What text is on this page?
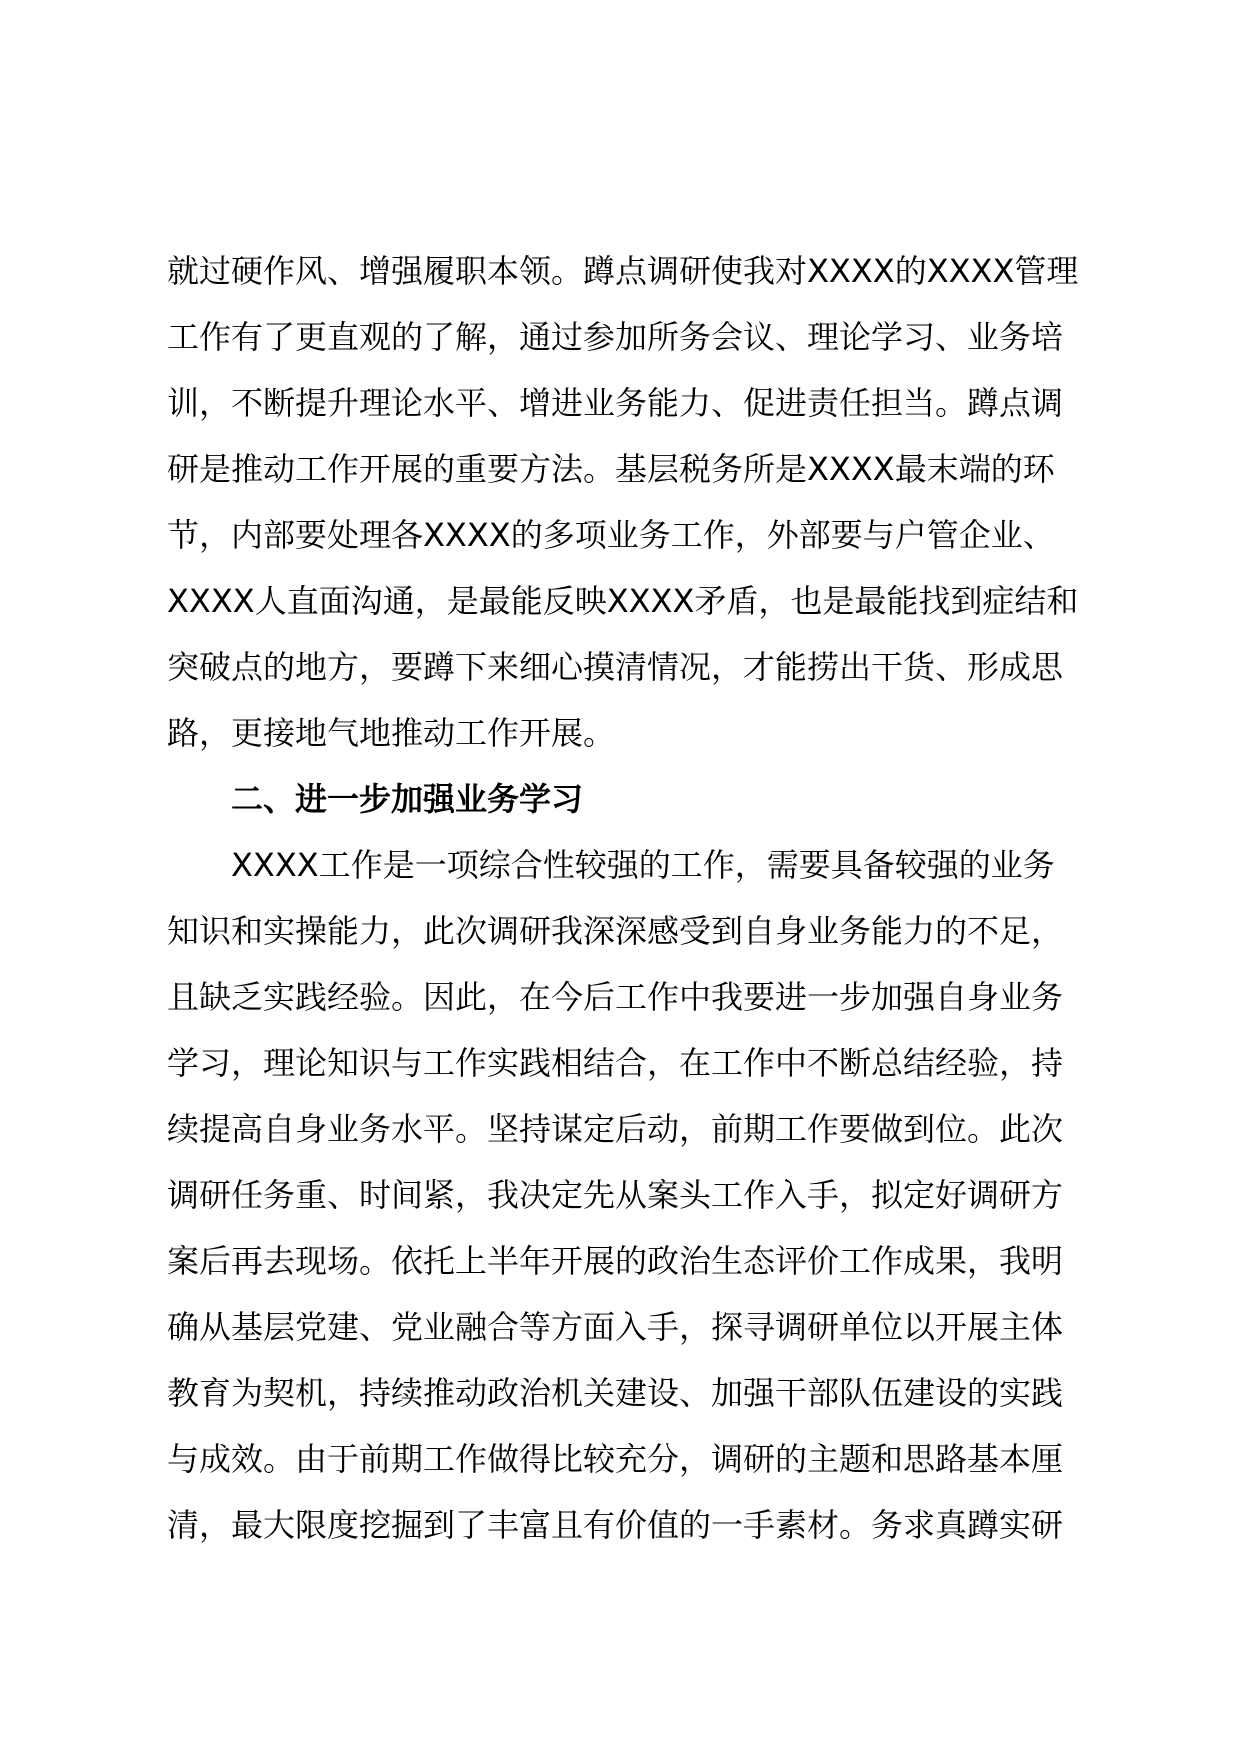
就过硬作风、增强履职本领。蹲点调研使我对XXXX的XXXX管理
工作有了更直观的了解，通过参加所务会议、理论学习、业务培
训，不断提升理论水平、增进业务能力、促进责任担当。蹲点调
研是推动工作开展的重要方法。基层税务所是XXXX最末端的环
节，内部要处理各XXXX的多项业务工作，外部要与户管企业、
XXXX人直面沟通，是最能反映XXXX矛盾，也是最能找到症结和
突破点的地方，要蹲下来细心摸清情况，才能捞出干货、形成思
路，更接地气地推动工作开展。
二、进一步加强业务学习
XXXX工作是一项综合性较强的工作，需要具备较强的业务
知识和实操能力，此次调研我深深感受到自身业务能力的不足，
且缺乏实践经验。因此，在今后工作中我要进一步加强自身业务
学习，理论知识与工作实践相结合，在工作中不断总结经验，持
续提高自身业务水平。坚持谋定后动，前期工作要做到位。此次
调研任务重、时间紧，我决定先从案头工作入手，拟定好调研方
案后再去现场。依托上半年开展的政治生态评价工作成果，我明
确从基层党建、党业融合等方面入手，探寻调研单位以开展主体
教育为契机，持续推动政治机关建设、加强干部队伍建设的实践
与成效。由于前期工作做得比较充分，调研的主题和思路基本厘
清，最大限度挖掘到了丰富且有价值的一手素材。务求真蹲实研
